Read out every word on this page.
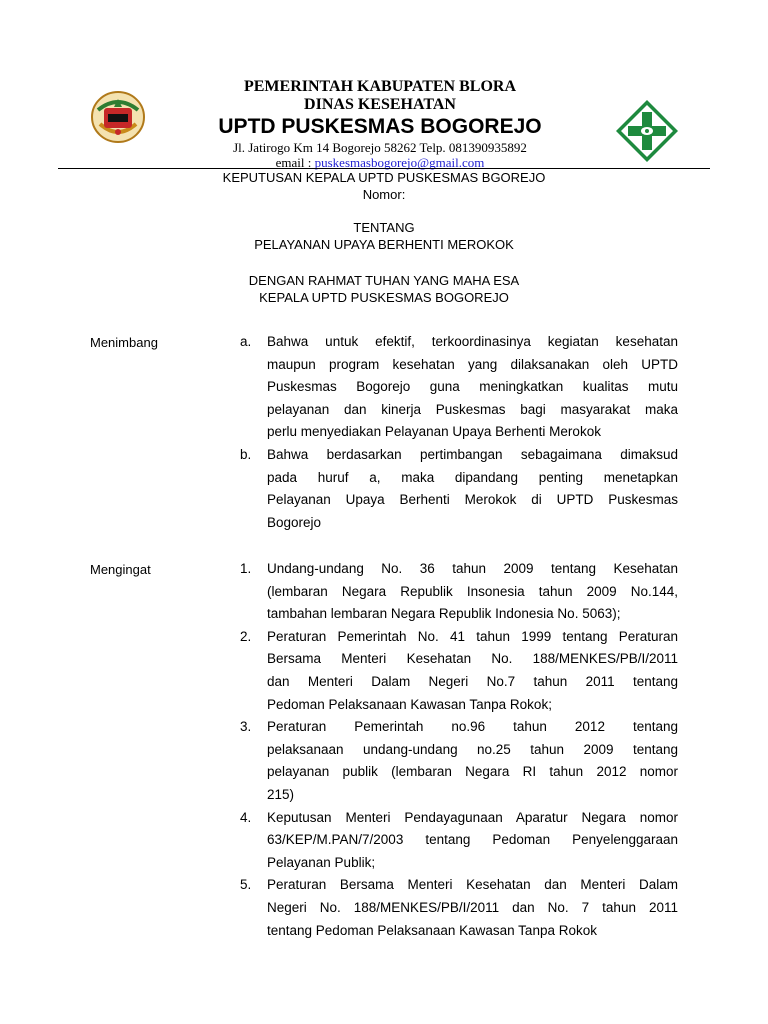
PEMERINTAH KABUPATEN BLORA
DINAS KESEHATAN
UPTD PUSKESMAS BOGOREJO
Jl. Jatirogo Km 14 Bogorejo 58262 Telp. 081390935892
email : puskesmasbogorejo@gmail.com
KEPUTUSAN KEPALA UPTD PUSKESMAS BGOREJO
Nomor:
TENTANG
PELAYANAN UPAYA BERHENTI MEROKOK
DENGAN RAHMAT TUHAN YANG MAHA ESA
KEPALA UPTD PUSKESMAS BOGOREJO
Menimbang	a.	Bahwa untuk efektif, terkoordinasinya kegiatan kesehatan
maupun program kesehatan yang dilaksanakan oleh UPTD
Puskesmas Bogorejo guna meningkatkan kualitas mutu
pelayanan dan kinerja Puskesmas bagi masyarakat maka
perlu menyediakan Pelayanan Upaya Berhenti Merokok
b.	Bahwa berdasarkan pertimbangan sebagaimana dimaksud
pada huruf a, maka dipandang penting menetapkan
Pelayanan Upaya Berhenti Merokok di UPTD Puskesmas
Bogorejo
Mengingat	1.	Undang-undang No. 36 tahun 2009 tentang Kesehatan
(lembaran Negara Republik Insonesia tahun 2009 No.144,
tambahan lembaran Negara Republik Indonesia No. 5063);
2.	Peraturan Pemerintah No. 41 tahun 1999 tentang Peraturan
Bersama Menteri Kesehatan No. 188/MENKES/PB/I/2011
dan Menteri Dalam Negeri No.7 tahun 2011 tentang
Pedoman Pelaksanaan Kawasan Tanpa Rokok;
3.	Peraturan Pemerintah no.96 tahun 2012 tentang
pelaksanaan undang-undang no.25 tahun 2009 tentang
pelayanan publik (lembaran Negara RI tahun 2012 nomor
215)
4.	Keputusan Menteri Pendayagunaan Aparatur Negara nomor
63/KEP/M.PAN/7/2003 tentang Pedoman Penyelenggaraan
Pelayanan Publik;
5.	Peraturan Bersama Menteri Kesehatan dan Menteri Dalam
Negeri No. 188/MENKES/PB/I/2011 dan No. 7 tahun 2011
tentang Pedoman Pelaksanaan Kawasan Tanpa Rokok
